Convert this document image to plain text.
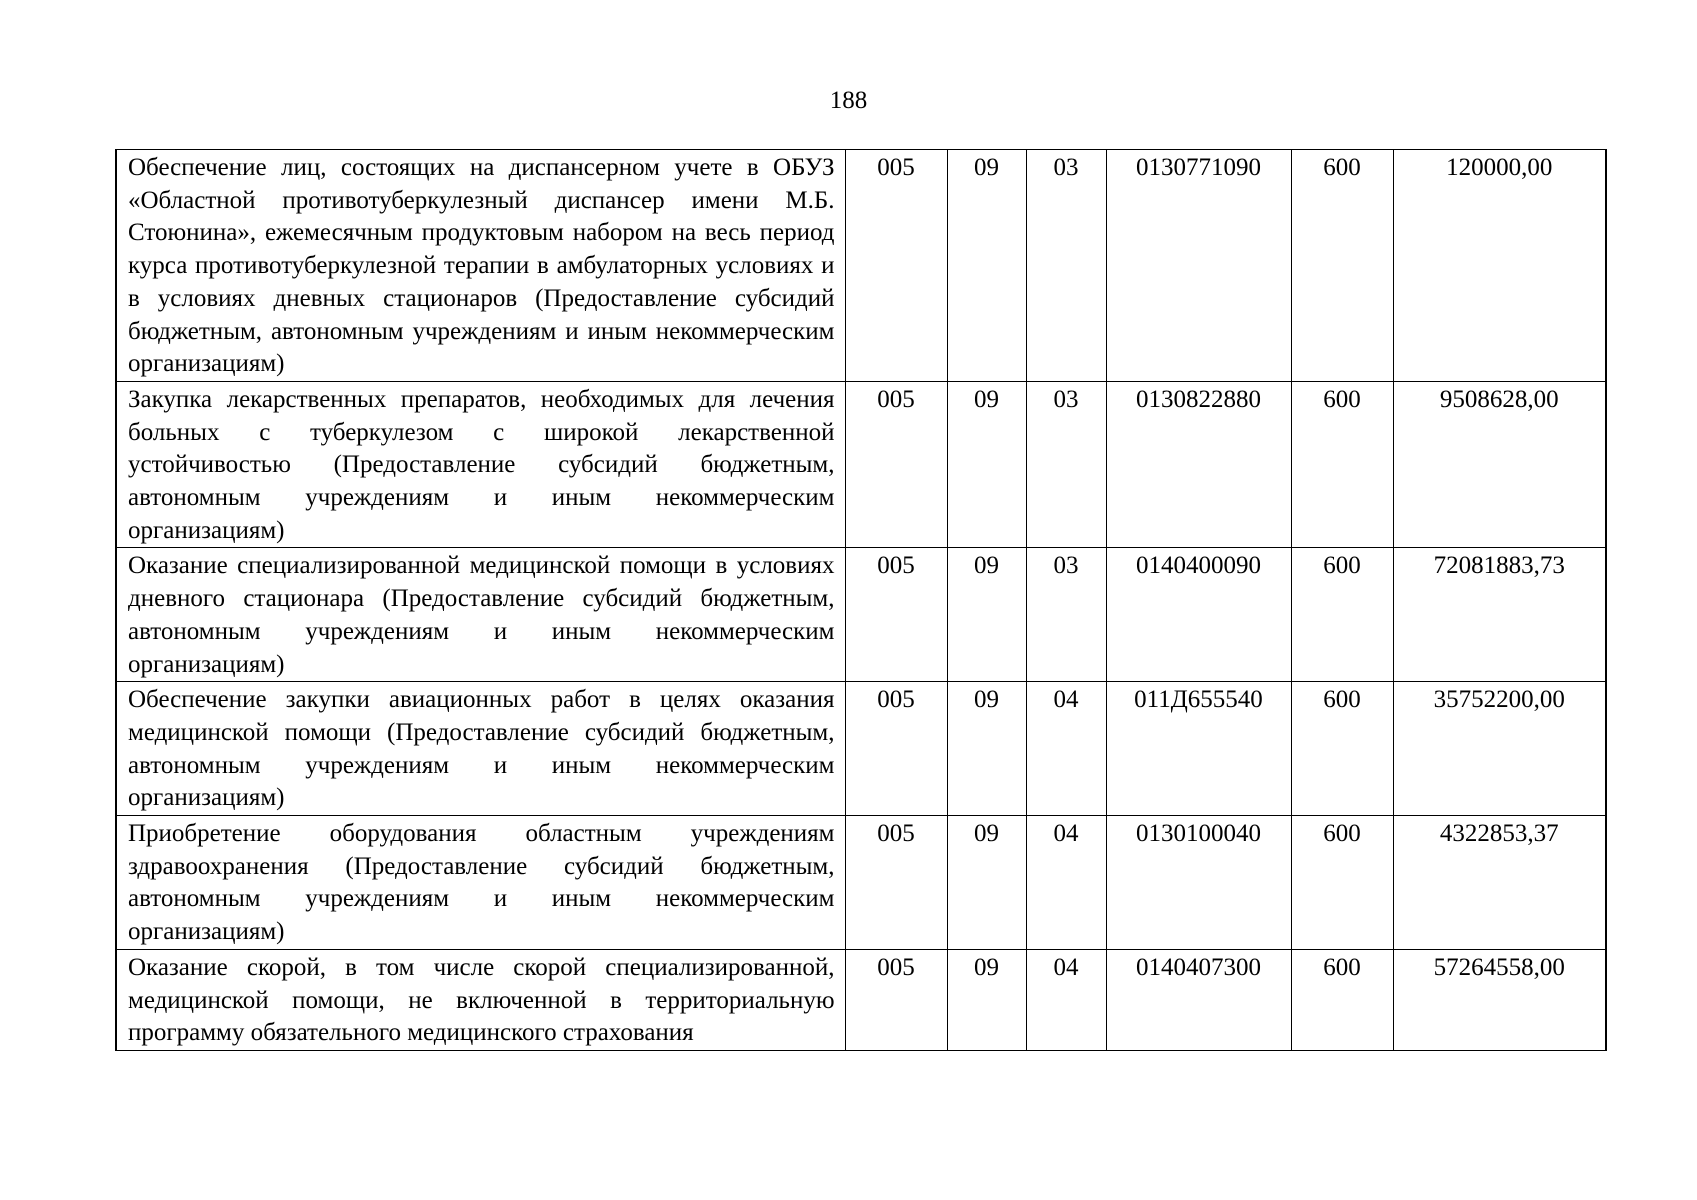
188
Обеспечение лиц, состоящих на диспансерном учете в ОБУЗ «Областной противотуберкулезный диспансер имени М.Б. Стоюнина», ежемесячным продуктовым набором на весь период курса противотуберкулезной терапии в амбулаторных условиях и в условиях дневных стационаров (Предоставление субсидий бюджетным, автономным учреждениям и иным некоммерческим организациям)	005	09	03	0130771090	600	120000,00
Закупка лекарственных препаратов, необходимых для лечения больных с туберкулезом с широкой лекарственной устойчивостью (Предоставление субсидий бюджетным, автономным учреждениям и иным некоммерческим организациям)	005	09	03	0130822880	600	9508628,00
Оказание специализированной медицинской помощи в условиях дневного стационара (Предоставление субсидий бюджетным, автономным учреждениям и иным некоммерческим организациям)	005	09	03	0140400090	600	72081883,73
Обеспечение закупки авиационных работ в целях оказания медицинской помощи (Предоставление субсидий бюджетным, автономным учреждениям и иным некоммерческим организациям)	005	09	04	011Д655540	600	35752200,00
Приобретение оборудования областным учреждениям здравоохранения (Предоставление субсидий бюджетным, автономным учреждениям и иным некоммерческим организациям)	005	09	04	0130100040	600	4322853,37
Оказание скорой, в том числе скорой специализированной, медицинской помощи, не включенной в территориальную программу обязательного медицинского страхования	005	09	04	0140407300	600	57264558,00
